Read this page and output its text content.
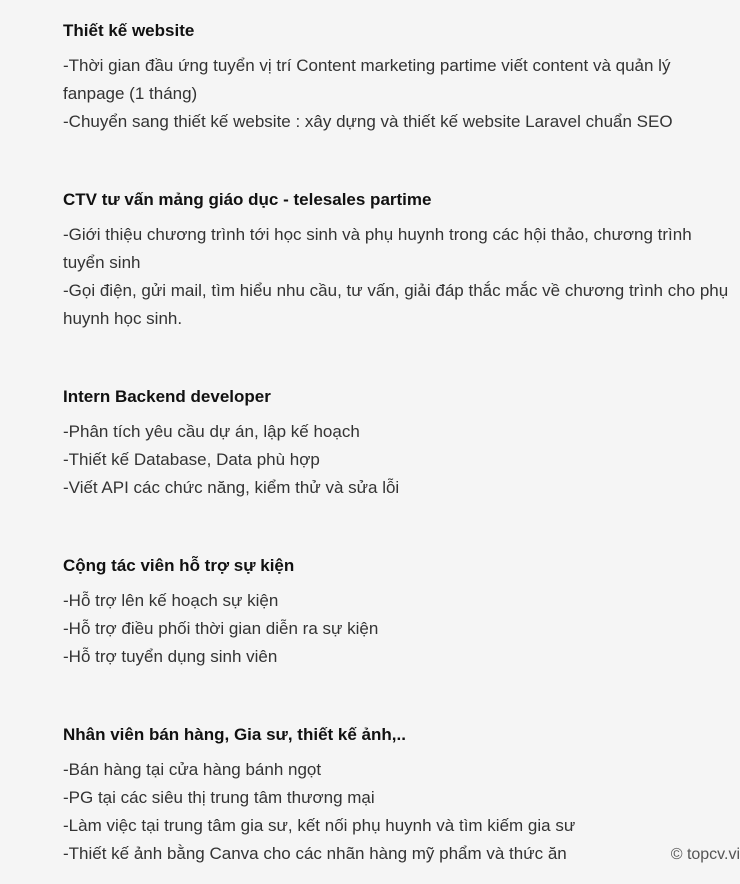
Thiết kế website
-Thời gian đầu ứng tuyển vị trí Content marketing partime viết content và quản lý fanpage (1 tháng)
-Chuyển sang thiết kế website : xây dựng và thiết kế website Laravel chuẩn SEO
CTV tư vấn mảng giáo dục - telesales partime
-Giới thiệu chương trình tới học sinh và phụ huynh trong các hội thảo, chương trình tuyển sinh
-Gọi điện, gửi mail, tìm hiểu nhu cầu, tư vấn, giải đáp thắc mắc về chương trình cho phụ huynh học sinh.
Intern Backend developer
-Phân tích yêu cầu dự án, lập kế hoạch
-Thiết kế Database, Data phù hợp
-Viết API các chức năng, kiểm thử và sửa lỗi
Cộng tác viên hỗ trợ sự kiện
-Hỗ trợ lên kế hoạch sự kiện
-Hỗ trợ điều phối thời gian diễn ra sự kiện
-Hỗ trợ tuyển dụng sinh viên
Nhân viên bán hàng, Gia sư, thiết kế ảnh,..
-Bán hàng tại cửa hàng bánh ngọt
-PG tại các siêu thị trung tâm thương mại
-Làm việc tại trung tâm gia sư, kết nối phụ huynh và tìm kiếm gia sư
-Thiết kế ảnh bằng Canva cho các nhãn hàng mỹ phẩm và thức ăn	© topcv.vi
